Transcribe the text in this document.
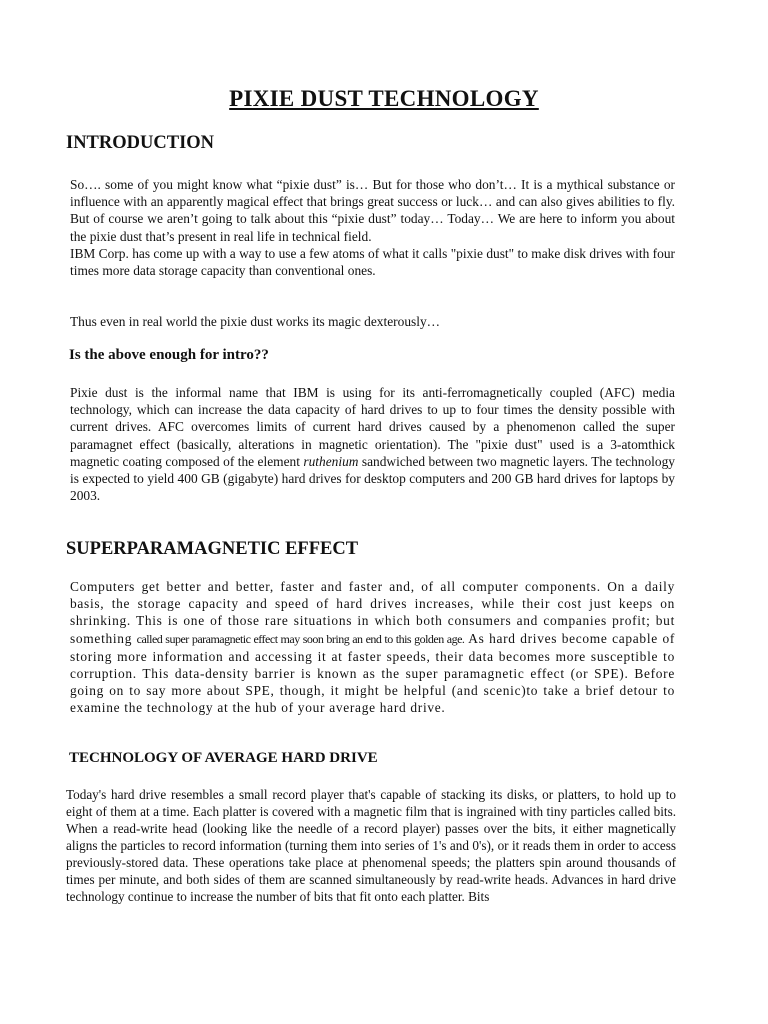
PIXIE DUST TECHNOLOGY
INTRODUCTION

So…. some of you might know what “pixie dust” is… But for those who don’t… It is a mythical substance or influence with an apparently magical effect that brings great success or luck… and can also gives abilities to fly. But of course we aren’t going to talk about this “pixie dust” today… Today… We are here to inform you about the pixie dust that’s present in real life in technical field.

IBM Corp. has come up with a way to use a few atoms of what it calls "pixie dust" to make disk drives with four times more data storage capacity than conventional ones.

Thus even in real world the pixie dust works its magic dexterously…
Is the above enough for intro??
Pixie dust is the informal name that IBM is using for its anti-ferromagnetically coupled (AFC) media technology, which can increase the data capacity of hard drives to up to four times the density possible with current drives. AFC overcomes limits of current hard drives caused by a phenomenon called the super paramagnet effect (basically, alterations in magnetic orientation). The "pixie dust" used is a 3-atomthick magnetic coating composed of the element ruthenium sandwiched between two magnetic layers. The technology is expected to yield 400 GB (gigabyte) hard drives for desktop computers and 200 GB hard drives for laptops by 2003.
SUPERPARAMAGNETIC EFFECT
Computers get better and better, faster and faster and, of all computer components. On a daily basis, the storage capacity and speed of hard drives increases, while their cost just keeps on shrinking. This is one of those rare situations in which both consumers and companies profit; but something called super paramagnetic effect may soon bring an end to this golden age. As hard drives become capable of storing more information and accessing it at faster speeds, their data becomes more susceptible to corruption. This data-density barrier is known as the super paramagnetic effect (or SPE). Before going on to say more about SPE, though, it might be helpful (and scenic)to take a brief detour to examine the technology at the hub of your average hard drive.
TECHNOLOGY OF AVERAGE HARD DRIVE
Today's hard drive resembles a small record player that's capable of stacking its disks, or platters, to hold up to eight of them at a time. Each platter is covered with a magnetic film that is ingrained with tiny particles called bits. When a read-write head (looking like the needle of a record player) passes over the bits, it either magnetically aligns the particles to record information (turning them into series of 1's and 0's), or it reads them in order to access previously-stored data. These operations take place at phenomenal speeds; the platters spin around thousands of times per minute, and both sides of them are scanned simultaneously by read-write heads. Advances in hard drive technology continue to increase the number of bits that fit onto each platter. Bits
